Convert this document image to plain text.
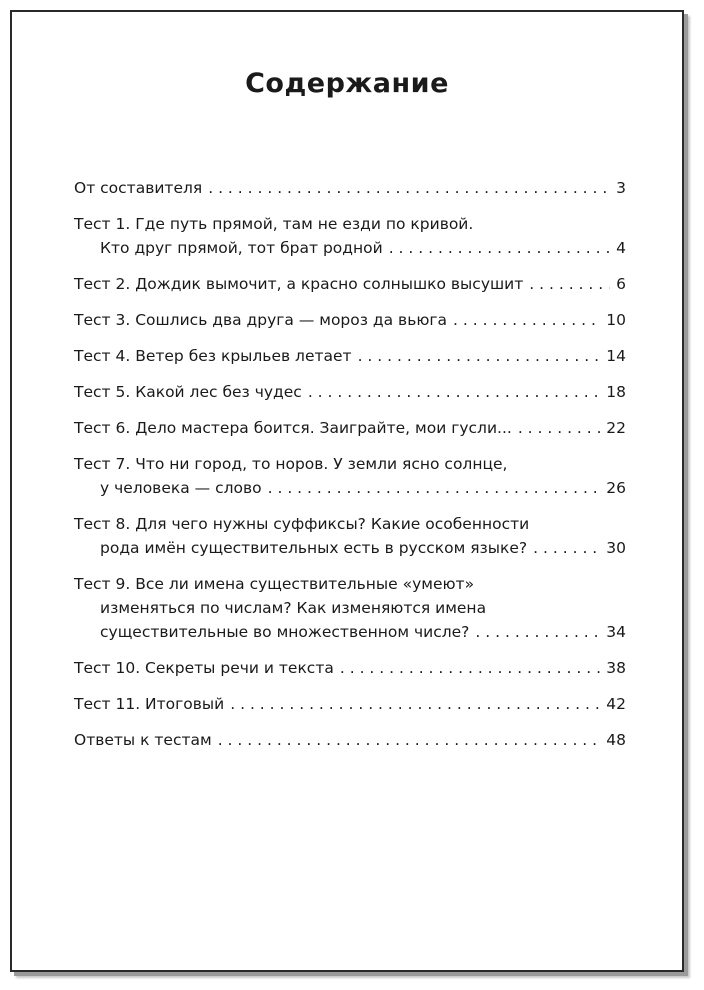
Содержание
От составителя . . .	3
Тест 1. Где путь прямой, там не езди по кривой.
Кто друг прямой, тот брат родной . . .	4
Тест 2. Дождик вымочит, а красно солнышко высушит . . .	6
Тест 3. Сошлись два друга — мороз да вьюга . . .	10
Тест 4. Ветер без крыльев летает . . .	14
Тест 5. Какой лес без чудес . . .	18
Тест 6. Дело мастера боится. Заиграйте, мои гусли... . . .	22
Тест 7. Что ни город, то норов. У земли ясно солнце,
у человека — слово . . .	26
Тест 8. Для чего нужны суффиксы? Какие особенности
рода имён существительных есть в русском языке? . . .	30
Тест 9. Все ли имена существительные «умеют»
изменяться по числам? Как изменяются имена
существительные во множественном числе? . . .	34
Тест 10. Секреты речи и текста . . .	38
Тест 11. Итоговый . . .	42
Ответы к тестам . . .	48
